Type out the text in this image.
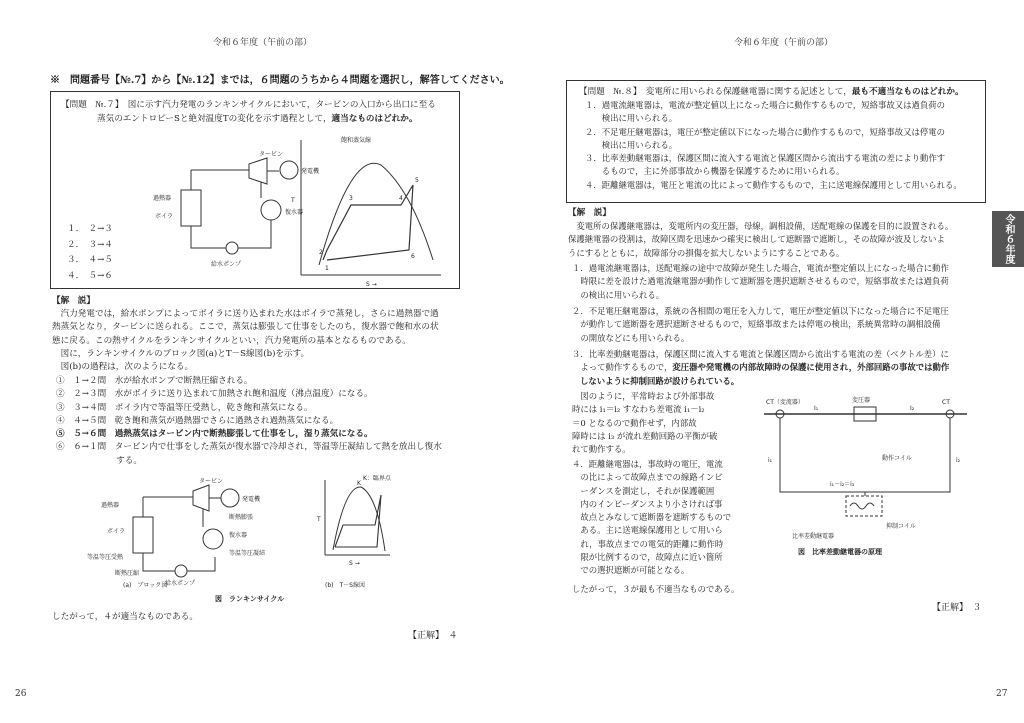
令和６年度（午前の部）
※　問題番号【№.7】から【№.12】までは，６問題のうちから４問題を選択し，解答してください。
【問題　№.７】　図に示す汽力発電のランキンサイクルにおいて，タービンの入口から出口に至る
蒸気のエントロピーSと絶対温度Tの変化を示す過程として，適当なものはどれか。
１．　２→３
２．　３→４
３．　４→５
４．　５→６
タービン
発電機
過熱器
ボイラ
復水器
給水ポンプ
飽和蒸気線
T
S →
1
2
3	4
5
6
【解　説】
　汽力発電では，給水ポンプによってボイラに送り込まれた水はボイラで蒸発し，さらに過熱器で過
熱蒸気となり，タービンに送られる。ここで，蒸気は膨張して仕事をしたのち，復水器で飽和水の状
態に戻る。この熱サイクルをランキンサイクルといい，汽力発電所の基本となるものである。
　図に，ランキンサイクルのブロック図(a)とT－S線図(b)を示す。
　図(b)の過程は，次のようになる。
①　１→２間　水が給水ポンプで断熱圧縮される。
②　２→３間　水がボイラに送り込まれて加熱され飽和温度（沸点温度）になる。
③　３→４間　ボイラ内で等温等圧受熱し，乾き飽和蒸気になる。
④　４→５間　乾き飽和蒸気が過熱器でさらに過熱され過熱蒸気になる。
⑤　５→６間　過熱蒸気はタービン内で断熱膨張して仕事をし，湿り蒸気になる。
⑥　６→１間　タービン内で仕事をした蒸気が復水器で冷却され，等温等圧凝結して熱を放出し復水
　　　　　　　する。
タービン
発電機
過熱器
断熱膨張
ボイラ
復水器
等温等圧受熱
等温等圧凝結
断熱圧縮
給水ポンプ
K：臨界点
K
T
S →
(a)　ブロック図	(b)　T－S線図
図　ランキンサイクル
したがって，４が適当なものである。
【正解】　４
26
令和６年度（午前の部）
【問題　№.８】　変電所に用いられる保護継電器に関する記述として，最も不適当なものはどれか。
１．過電流継電器は，電流が整定値以上になった場合に動作するもので，短絡事故又は過負荷の
　　検出に用いられる。
２．不足電圧継電器は，電圧が整定値以下になった場合に動作するもので，短絡事故又は停電の
　　検出に用いられる。
３．比率差動継電器は，保護区間に流入する電流と保護区間から流出する電流の差により動作す
　　るもので，主に外部事故から機器を保護するために用いられる。
４．距離継電器は，電圧と電流の比によって動作するもので，主に送電線保護用として用いられる。
【解　説】
　変電所の保護継電器は，変電所内の変圧器，母線，調相設備，送配電線の保護を目的に設置される。
保護継電器の役割は，故障区間を迅速かつ確実に検出して遮断器で遮断し，その故障が波及しないよ
うにするとともに，故障部分の損傷を拡大しないようにすることである。
１．過電流継電器は，送配電線の途中で故障が発生した場合，電流が整定値以上になった場合に動作
　時限に差を設けた過電流継電器が動作して遮断器を選択遮断させるもので，短絡事故または過負荷
　の検出に用いられる。
２．不足電圧継電器は，系統の各相間の電圧を入力して，電圧が整定値以下になった場合に不足電圧
　が動作して遮断器を選択遮断させるもので，短絡事故または停電の検出，系統異常時の調相設備
　の開放などにも用いられる。
３．比率差動継電器は，保護区間に流入する電流と保護区間から流出する電流の差（ベクトル差）に
　よって動作するもので，変圧器や発電機の内部故障時の保護に使用され，外部回路の事故では動作
しないように抑制回路が設けられている。
　図のように，平常時および外部事故
時には i₁＝i₂ すなわち差電流 i₁－i₂
＝0 となるので動作せず，内部故
障時には i₃ が流れ差動回路の平衡が破
れて動作する。
４．距離継電器は，事故時の電圧，電流
　の比によって故障点までの線路インピ
　ーダンスを測定し，それが保護範囲
　内のインピーダンスより小さければ事
　故点とみなして遮断器を遮断するもので
　ある。主に送電線保護用として用いら
　れ，事故点までの電気的距離に動作時
　限が比例するので，故障点に近い箇所
　での選択遮断が可能となる。
したがって，３が最も不適当なものである。
【正解】　３
CT（変流器）
I₁
変圧器
I₂
CT
i₁	i₂
動作コイル
i₁－i₂＝i₃
抑制コイル
比率差動継電器
図　比率差動継電器の原理
令和６年度
27
